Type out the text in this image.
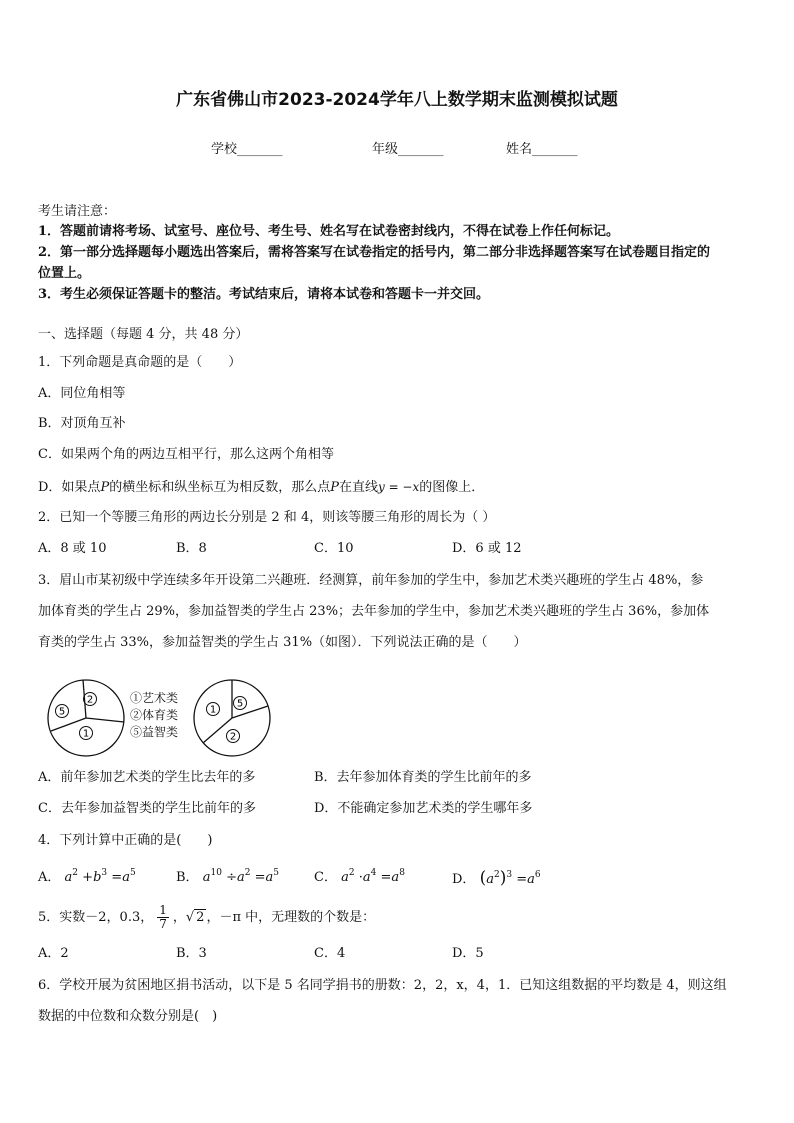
广东省佛山市2023-2024学年八上数学期末监测模拟试题
学校_______	年级_______	姓名_______
考生请注意：
1．答题前请将考场、试室号、座位号、考生号、姓名写在试卷密封线内，不得在试卷上作任何标记。
2．第一部分选择题每小题选出答案后，需将答案写在试卷指定的括号内，第二部分非选择题答案写在试卷题目指定的
位置上。
3．考生必须保证答题卡的整洁。考试结束后，请将本试卷和答题卡一并交回。
一、选择题（每题 4 分，共 48 分）
1．下列命题是真命题的是（　　）
A．同位角相等
B．对顶角互补
C．如果两个角的两边互相平行，那么这两个角相等
D．如果点P的横坐标和纵坐标互为相反数，那么点P在直线y = −x的图像上．
2．已知一个等腰三角形的两边长分别是 2 和 4，则该等腰三角形的周长为（ ）
A．8 或 10	B．8	C．10	D．6 或 12
3．眉山市某初级中学连续多年开设第二兴趣班．经测算，前年参加的学生中，参加艺术类兴趣班的学生占 48%，参
加体育类的学生占 29%，参加益智类的学生占 23%；去年参加的学生中，参加艺术类兴趣班的学生占 36%，参加体
育类的学生占 33%，参加益智类的学生占 31%（如图）．下列说法正确的是（　　）
2
5
1
1
5
2
①艺术类
②体育类
⑤益智类
A．前年参加艺术类的学生比去年的多	B．去年参加体育类的学生比前年的多
C．去年参加益智类的学生比前年的多	D．不能确定参加艺术类的学生哪年多
4．下列计算中正确的是(　　)
A． $a^2 +b^3 =a^5$	B． $a^{10} \div a^2 =a^5$	C． $a^2 \cdot a^4 =a^8$	D． $(a^2)^3 =a^6$
5．实数－2，0.3， $\frac{1}{7}$ ，√ 2 ，－π 中，无理数的个数是：
A．2	B．3	C．4	D．5
6．学校开展为贫困地区捐书活动，以下是 5 名同学捐书的册数：2，2，x，4，1．已知这组数据的平均数是 4，则这组
数据的中位数和众数分别是(　)
